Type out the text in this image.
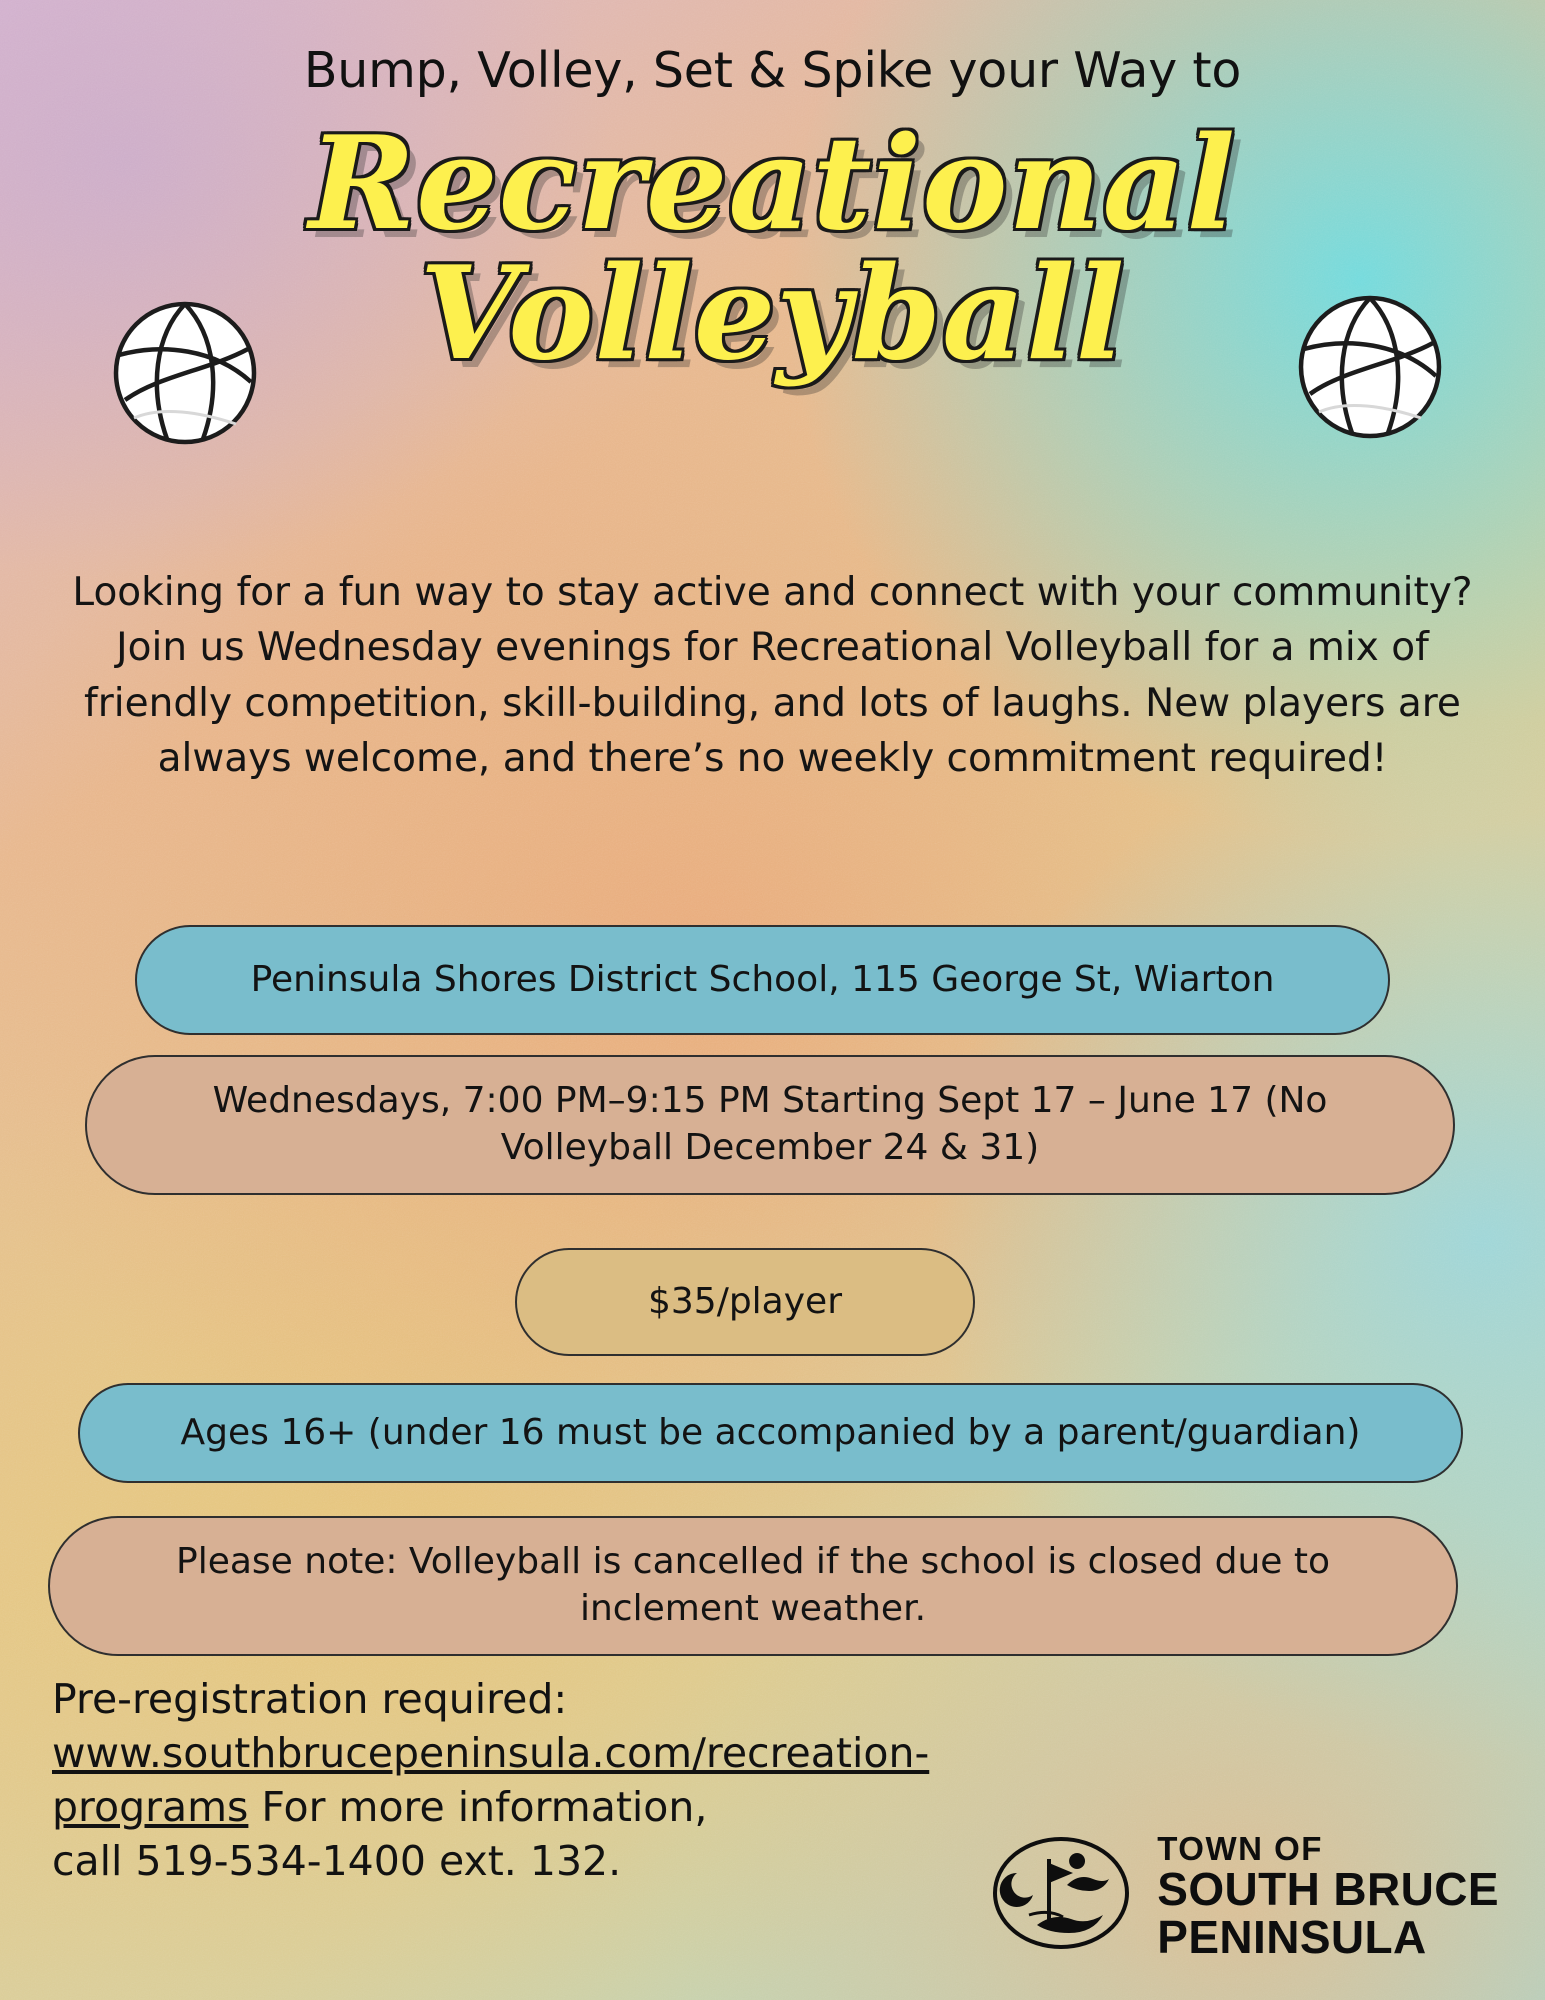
Bump, Volley, Set & Spike your Way to
Recreational
Volleyball
Looking for a fun way to stay active and connect with your community? Join us Wednesday evenings for Recreational Volleyball for a mix of friendly competition, skill-building, and lots of laughs. New players are always welcome, and there’s no weekly commitment required!
Peninsula Shores District School, 115 George St, Wiarton
Wednesdays, 7:00 PM–9:15 PM Starting Sept 17 – June 17 (No Volleyball December 24 & 31)
$35/player
Ages 16+ (under 16 must be accompanied by a parent/guardian)
Please note: Volleyball is cancelled if the school is closed due to inclement weather.
Pre-registration required:
www.southbrucepeninsula.com/recreation-programs For more information,
call 519-534-1400 ext. 132.	TOWN OF
SOUTH BRUCE
PENINSULA
